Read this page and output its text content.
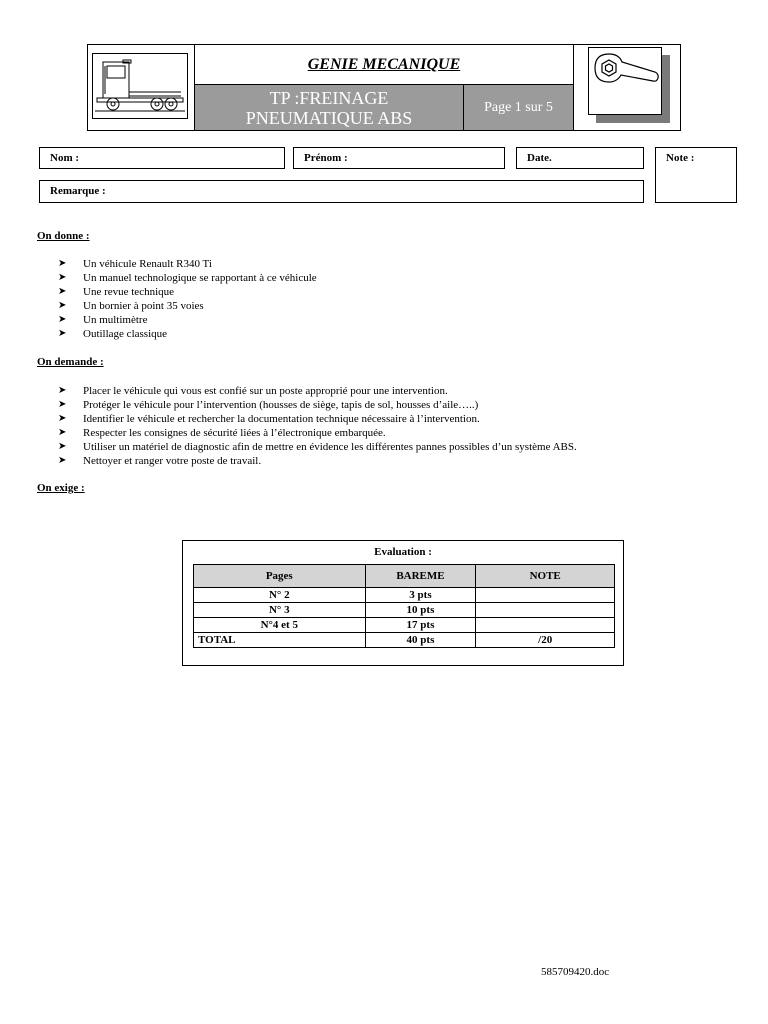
GENIE MECANIQUE
TP :FREINAGE
PNEUMATIQUE ABS
Page 1 sur 5
Nom :	Prénom :	Date.	Note :
Remarque :
On donne :
➤ Un véhicule Renault R340 Ti
➤ Un manuel technologique se rapportant à ce véhicule
➤ Une revue technique
➤ Un bornier à point 35 voies
➤ Un multimètre
➤ Outillage classique
On demande :
➤ Placer le véhicule qui vous est confié sur un poste approprié pour une intervention.
➤ Protéger le véhicule pour l’intervention (housses de siège, tapis de sol, housses d’aile…..)
➤ Identifier le véhicule et rechercher la documentation technique nécessaire à l’intervention.
➤ Respecter les consignes de sécurité liées à l’électronique embarquée.
➤ Utiliser un matériel de diagnostic afin de mettre en évidence les différentes pannes possibles d’un système ABS.
➤ Nettoyer et ranger votre poste de travail.
On exige :
Evaluation :
Pages	BAREME	NOTE
N° 2	3 pts	
N° 3	10 pts	
N°4 et 5	17 pts	
TOTAL	40 pts	/20
585709420.doc
